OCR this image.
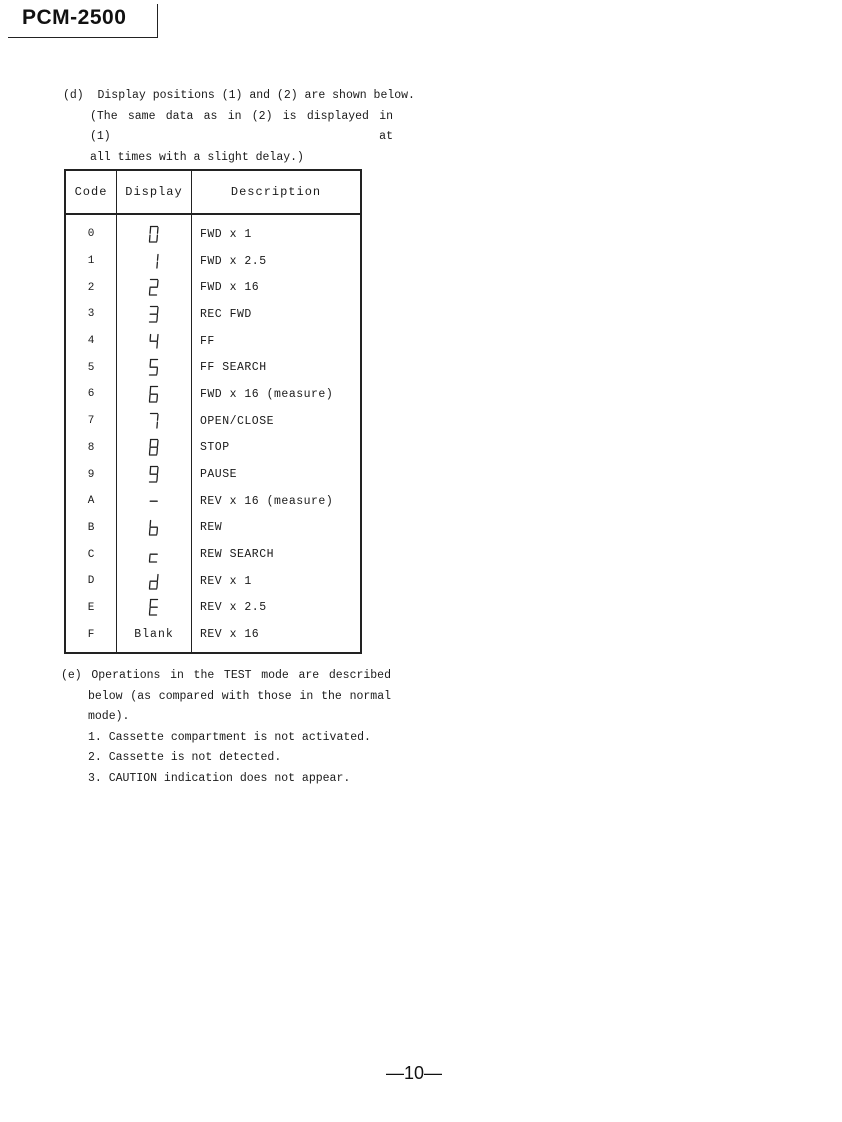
PCM-2500
(d)  Display positions (1) and (2) are shown below.
(The same data as in (2) is displayed in (1) at
all times with a slight delay.)
Code	Display	Description
0		FWD x 1
1		FWD x 2.5
2		FWD x 16
3		REC FWD
4		FF
5		FF SEARCH
6		FWD x 16 (measure)
7		OPEN/CLOSE
8		STOP
9		PAUSE
A		REV x 16 (measure)
B		REW
C		REW SEARCH
D		REV x 1
E		REV x 2.5
F	Blank	REV x 16
(e) Operations in the TEST mode are described
below (as compared with those in the normal
mode).
1. Cassette compartment is not activated.
2. Cassette is not detected.
3. CAUTION indication does not appear.
—10—
